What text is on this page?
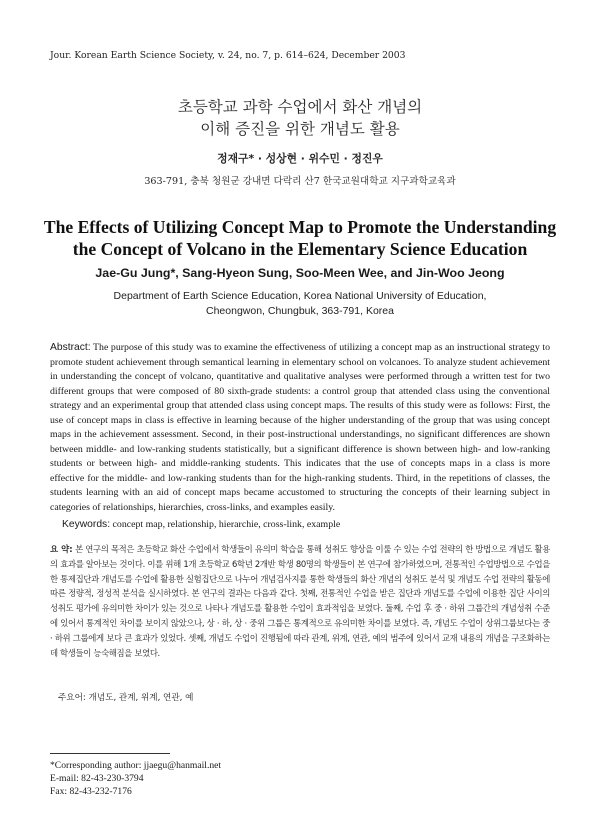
Jour. Korean Earth Science Society, v. 24, no. 7, p. 614–624, December 2003
초등학교 과학 수업에서 화산 개념의
이해 증진을 위한 개념도 활용
정재구* · 성상현 · 위수민 · 정진우
363-791, 충북 청원군 강내면 다락리 산7 한국교원대학교 지구과학교육과
The Effects of Utilizing Concept Map to Promote the Understanding
the Concept of Volcano in the Elementary Science Education
Jae-Gu Jung*, Sang-Hyeon Sung, Soo-Meen Wee, and Jin-Woo Jeong
Department of Earth Science Education, Korea National University of Education,
Cheongwon, Chungbuk, 363-791, Korea
Abstract: The purpose of this study was to examine the effectiveness of utilizing a concept map as an instructional strategy to promote student achievement through semantical learning in elementary school on volcanoes. To analyze student achievement in understanding the concept of volcano, quantitative and qualitative analyses were performed through a written test for two different groups that were composed of 80 sixth-grade students: a control group that attended class using the conventional strategy and an experimental group that attended class using concept maps. The results of this study were as follows: First, the use of concept maps in class is effective in learning because of the higher understanding of the group that was using concept maps in the achievement assessment. Second, in their post-instructional understandings, no significant differences are shown between middle- and low-ranking students statistically, but a significant difference is shown between high- and low-ranking students or between high- and middle-ranking students. This indicates that the use of concepts maps in a class is more effective for the middle- and low-ranking students than for the high-ranking students. Third, in the repetitions of classes, the students learning with an aid of concept maps became accustomed to structuring the concepts of their learning subject in categories of relationships, hierarchies, cross-links, and examples easily.
Keywords: concept map, relationship, hierarchie, cross-link, example
요 약: 본 연구의 목적은 초등학교 화산 수업에서 학생들이 유의미 학습을 통해 성취도 향상을 이룰 수 있는 수업 전략의 한 방법으로 개념도 활용의 효과를 알아보는 것이다. 이를 위해 1개 초등학교 6학년 2개반 학생 80명의 학생들이 본 연구에 참가하였으며, 전통적인 수업방법으로 수업을 한 통제집단과 개념도를 수업에 활용한 실험집단으로 나누어 개념검사지를 통한 학생들의 화산 개념의 성취도 분석 및 개념도 수업 전략의 활동에 따른 정량적, 정성적 분석을 실시하였다. 본 연구의 결과는 다음과 같다. 첫째, 전통적인 수업을 받은 집단과 개념도를 수업에 이용한 집단 사이의 성취도 평가에 유의미한 차이가 있는 것으로 나타나 개념도를 활용한 수업이 효과적임을 보였다. 둘째, 수업 후 중 · 하위 그룹간의 개념성취 수준에 있어서 통계적인 차이를 보이지 않았으나, 상 · 하, 상 · 중위 그룹은 통계적으로 유의미한 차이를 보였다. 즉, 개념도 수업이 상위그룹보다는 중 · 하위 그룹에게 보다 큰 효과가 있었다. 셋째, 개념도 수업이 진행됨에 따라 관계, 위계, 연관, 예의 범주에 있어서 교재 내용의 개념을 구조화하는데 학생들이 능숙해짐을 보였다.
주요어: 개념도, 관계, 위계, 연관, 예
*Corresponding author: jjaegu@hanmail.net
E-mail: 82-43-230-3794
Fax: 82-43-232-7176
